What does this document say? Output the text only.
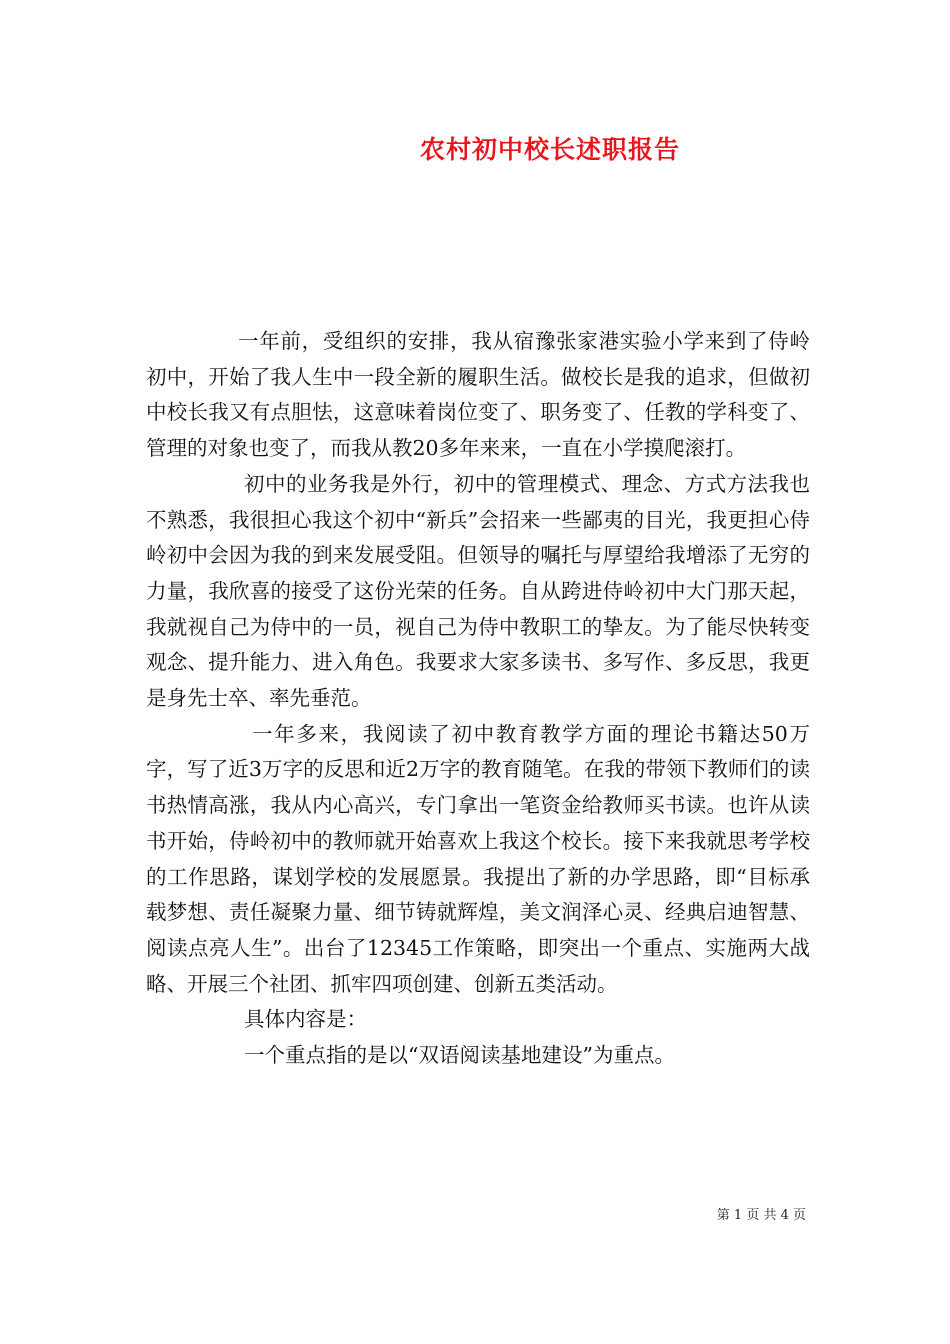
农村初中校长述职报告

一年前，受组织的安排，我从宿豫张家港实验小学来到了侍岭初中，开始了我人生中一段全新的履职生活。做校长是我的追求，但做初中校长我又有点胆怯，这意味着岗位变了、职务变了、任教的学科变了、管理的对象也变了，而我从教20多年来来，一直在小学摸爬滚打。

初中的业务我是外行，初中的管理模式、理念、方式方法我也不熟悉，我很担心我这个初中“新兵”会招来一些鄙夷的目光，我更担心侍岭初中会因为我的到来发展受阻。但领导的嘱托与厚望给我增添了无穷的力量，我欣喜的接受了这份光荣的任务。自从跨进侍岭初中大门那天起，我就视自己为侍中的一员，视自己为侍中教职工的挚友。为了能尽快转变观念、提升能力、进入角色。我要求大家多读书、多写作、多反思，我更是身先士卒、率先垂范。

一年多来，我阅读了初中教育教学方面的理论书籍达50万字，写了近3万字的反思和近2万字的教育随笔。在我的带领下教师们的读书热情高涨，我从内心高兴，专门拿出一笔资金给教师买书读。也许从读书开始，侍岭初中的教师就开始喜欢上我这个校长。接下来我就思考学校的工作思路，谋划学校的发展愿景。我提出了新的办学思路，即“目标承载梦想、责任凝聚力量、细节铸就辉煌，美文润泽心灵、经典启迪智慧、阅读点亮人生”。出台了12345工作策略，即突出一个重点、实施两大战略、开展三个社团、抓牢四项创建、创新五类活动。

具体内容是：

一个重点指的是以“双语阅读基地建设”为重点。

第 1 页 共 4 页
